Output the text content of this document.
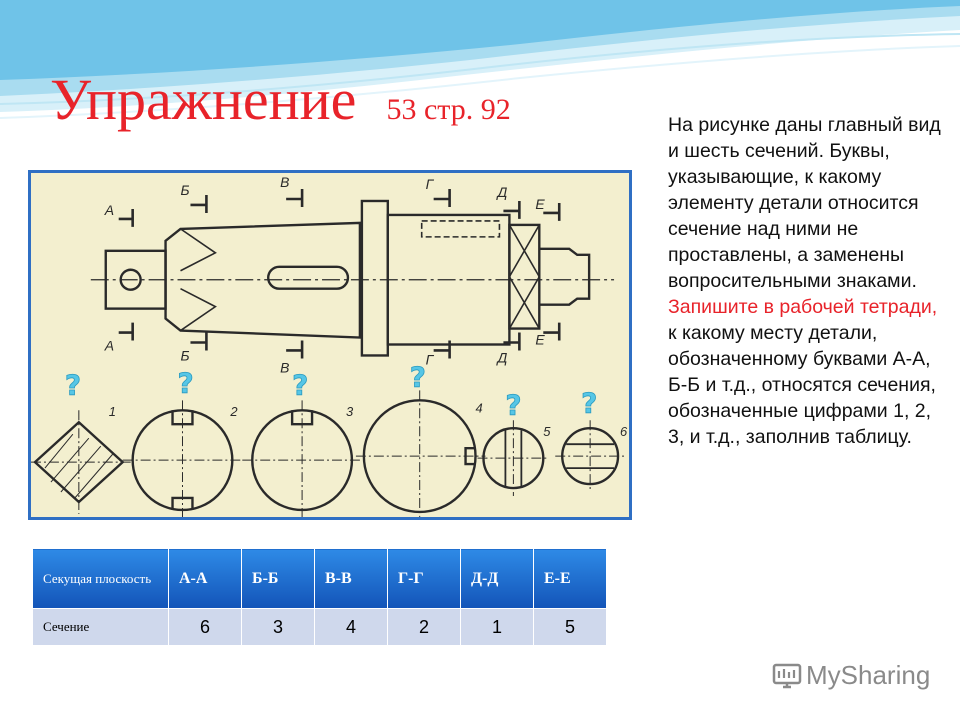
Упражнение 53 стр. 92	На рисунке даны главный вид и шесть сечений. Буквы, указывающие, к какому элементу детали относится сечение над ними не проставлены, а заменены вопросительными знаками.
Запишите в рабочей тетради, к какому месту детали, обозначенному буквами А-А, Б-Б и т.д., относятся сечения, обозначенные цифрами 1, 2, 3, и т.д., заполнив таблицу.
А
А
Б
Б
В
В
Г
Г
Д
Д
Е
Е
?	?	?	?
? ?
1	2	3	4
5	6
Секущая плоскость	А-А	Б-Б	В-В	Г-Г	Д-Д	Е-Е
Сечение	6	3	4	2	1	5
MySharing
